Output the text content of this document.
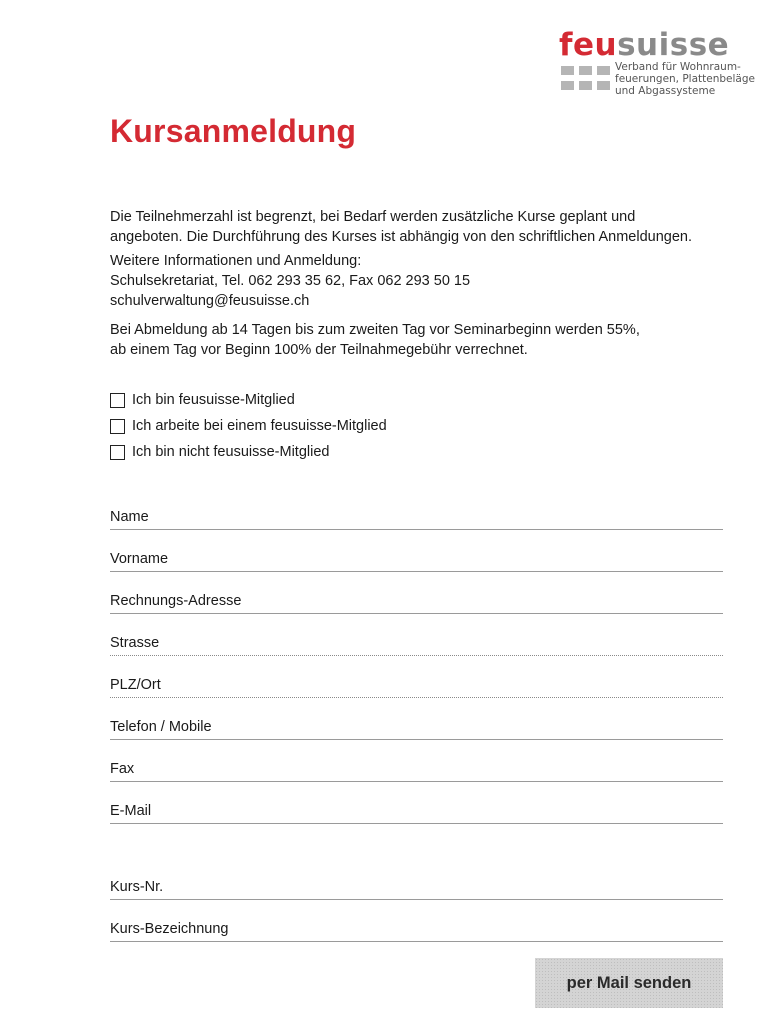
feusuisse
Verband für Wohnraum-
feuerungen, Plattenbeläge
und Abgassysteme
Kursanmeldung
Die Teilnehmerzahl ist begrenzt, bei Bedarf werden zusätzliche Kurse geplant und
angeboten. Die Durchführung des Kurses ist abhängig von den schriftlichen Anmeldungen.
Weitere Informationen und Anmeldung:
Schulsekretariat, Tel. 062 293 35 62, Fax 062 293 50 15
schulverwaltung@feusuisse.ch
Bei Abmeldung ab 14 Tagen bis zum zweiten Tag vor Seminarbeginn werden 55%,
ab einem Tag vor Beginn 100% der Teilnahmegebühr verrechnet.
Ich bin feusuisse-Mitglied
Ich arbeite bei einem feusuisse-Mitglied
Ich bin nicht feusuisse-Mitglied
Name
Vorname
Rechnungs-Adresse
Strasse
PLZ/Ort
Telefon / Mobile
Fax
E-Mail
Kurs-Nr.
Kurs-Bezeichnung
per Mail senden
